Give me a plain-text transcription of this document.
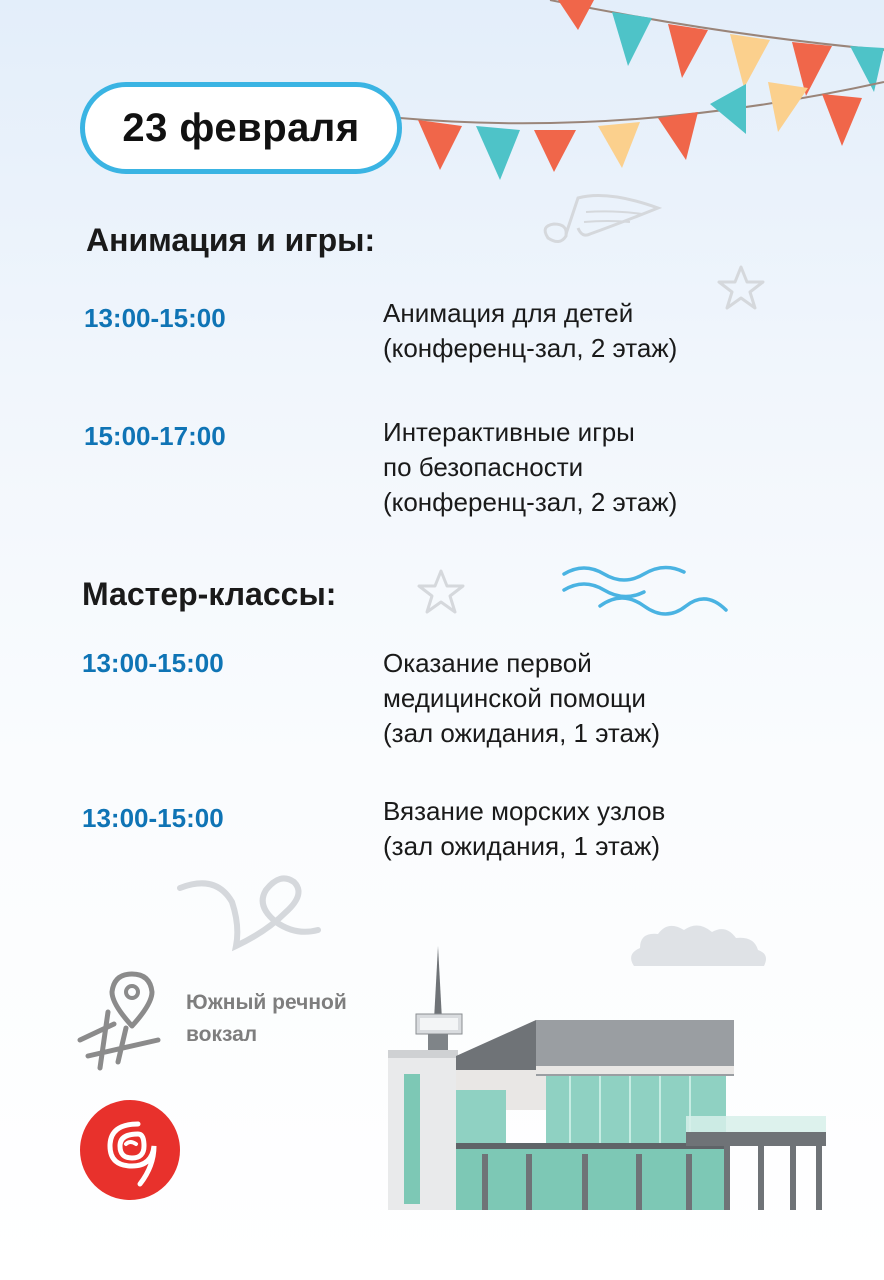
23 февраля
Анимация и игры:
13:00-15:00	Анимация для детей
(конференц-зал, 2 этаж)
15:00-17:00	Интерактивные игры
по безопасности
(конференц-зал, 2 этаж)
Мастер-классы:
13:00-15:00	Оказание первой
медицинской помощи
(зал ожидания, 1 этаж)
13:00-15:00	Вязание морских узлов
(зал ожидания, 1 этаж)
Южный речной
вокзал
